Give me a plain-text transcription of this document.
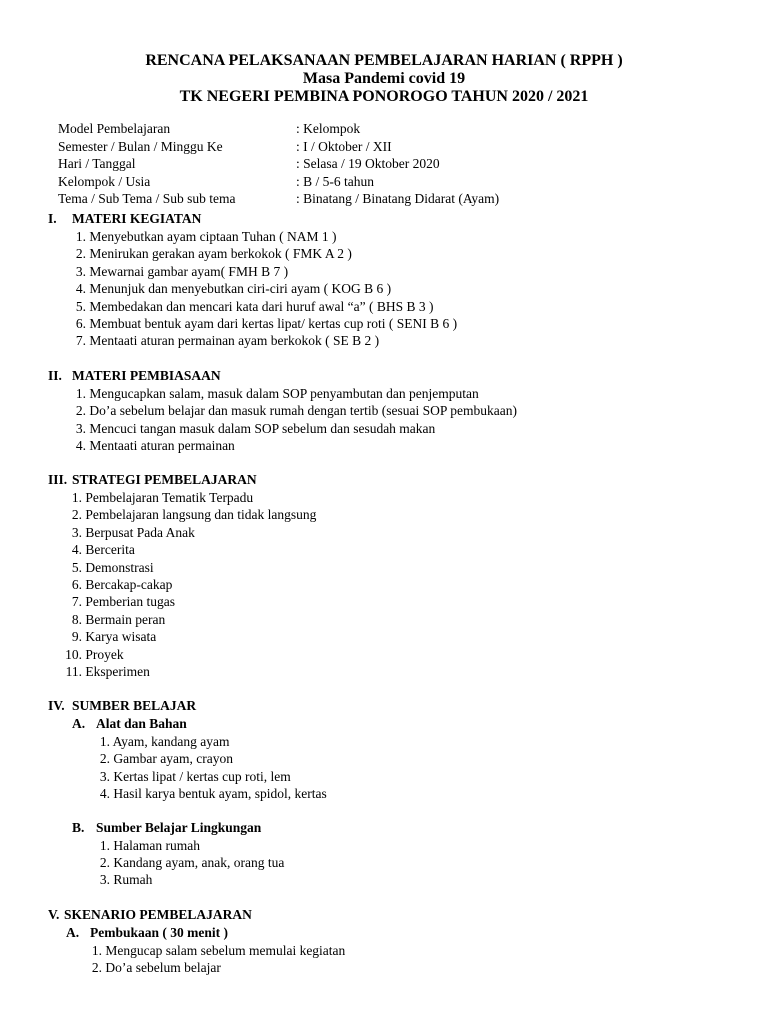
RENCANA PELAKSANAAN PEMBELAJARAN HARIAN ( RPPH )
Masa Pandemi covid 19
TK NEGERI PEMBINA PONOROGO TAHUN 2020 / 2021
Model Pembelajaran	: Kelompok
Semester / Bulan / Minggu Ke	: I / Oktober / XII
Hari / Tanggal	: Selasa / 19 Oktober 2020
Kelompok / Usia	: B / 5-6 tahun
Tema / Sub Tema / Sub sub tema	: Binatang / Binatang Didarat (Ayam)
I. MATERI KEGIATAN
1. Menyebutkan ayam ciptaan Tuhan ( NAM 1 )
2. Menirukan gerakan ayam berkokok ( FMK A 2 )
3. Mewarnai gambar ayam( FMH B 7 )
4. Menunjuk dan menyebutkan ciri-ciri ayam ( KOG B 6 )
5. Membedakan dan mencari kata dari huruf awal “a” ( BHS B 3 )
6. Membuat bentuk ayam dari kertas lipat/ kertas cup roti ( SENI B 6 )
7. Mentaati aturan permainan ayam berkokok ( SE B 2 )
II. MATERI PEMBIASAAN
1. Mengucapkan salam, masuk dalam SOP penyambutan dan penjemputan
2. Do’a sebelum belajar dan masuk rumah dengan tertib (sesuai SOP pembukaan)
3. Mencuci tangan masuk dalam SOP sebelum dan sesudah makan
4. Mentaati aturan permainan
III. STRATEGI PEMBELAJARAN
1. Pembelajaran Tematik Terpadu
2. Pembelajaran langsung dan tidak langsung
3. Berpusat Pada Anak
4. Bercerita
5. Demonstrasi
6. Bercakap-cakap
7. Pemberian tugas
8. Bermain peran
9. Karya wisata
10. Proyek
11. Eksperimen
IV. SUMBER BELAJAR
A. Alat dan Bahan
1. Ayam, kandang ayam
2. Gambar ayam, crayon
3. Kertas lipat / kertas cup roti, lem
4. Hasil karya bentuk ayam, spidol, kertas
B. Sumber Belajar Lingkungan
1. Halaman rumah
2. Kandang ayam, anak, orang tua
3. Rumah
V. SKENARIO PEMBELAJARAN
A. Pembukaan ( 30 menit )
1. Mengucap salam sebelum memulai kegiatan
2. Do’a sebelum belajar
